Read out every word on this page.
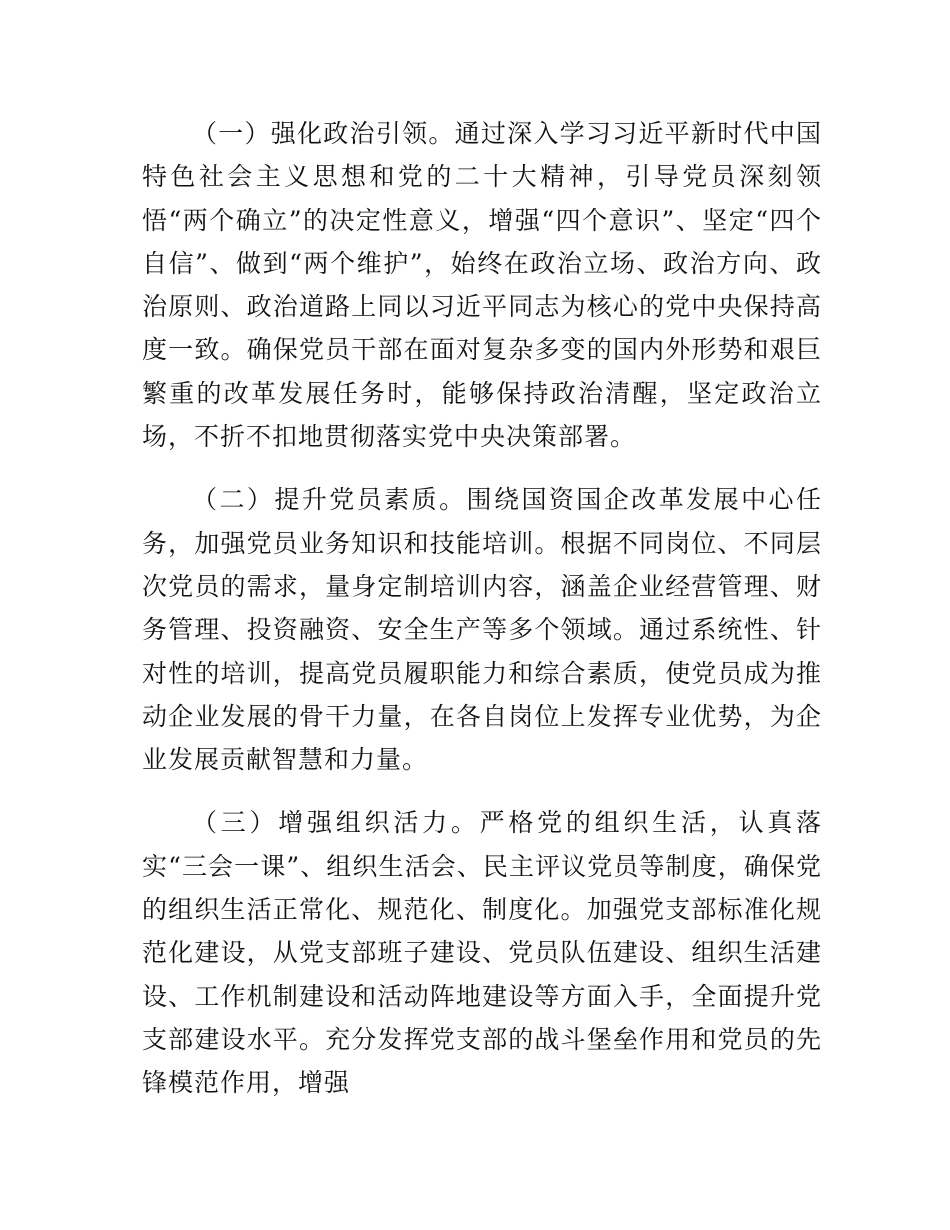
（一）强化政治引领。通过深入学习习近平新时代中国特色社会主义思想和党的二十大精神，引导党员深刻领悟“两个确立”的决定性意义，增强“四个意识”、坚定“四个自信”、做到“两个维护”，始终在政治立场、政治方向、政治原则、政治道路上同以习近平同志为核心的党中央保持高度一致。确保党员干部在面对复杂多变的国内外形势和艰巨繁重的改革发展任务时，能够保持政治清醒，坚定政治立场，不折不扣地贯彻落实党中央决策部署。

（二）提升党员素质。围绕国资国企改革发展中心任务，加强党员业务知识和技能培训。根据不同岗位、不同层次党员的需求，量身定制培训内容，涵盖企业经营管理、财务管理、投资融资、安全生产等多个领域。通过系统性、针对性的培训，提高党员履职能力和综合素质，使党员成为推动企业发展的骨干力量，在各自岗位上发挥专业优势，为企业发展贡献智慧和力量。

（三）增强组织活力。严格党的组织生活，认真落实“三会一课”、组织生活会、民主评议党员等制度，确保党的组织生活正常化、规范化、制度化。加强党支部标准化规范化建设，从党支部班子建设、党员队伍建设、组织生活建设、工作机制建设和活动阵地建设等方面入手，全面提升党支部建设水平。充分发挥党支部的战斗堡垒作用和党员的先锋模范作用，增强
